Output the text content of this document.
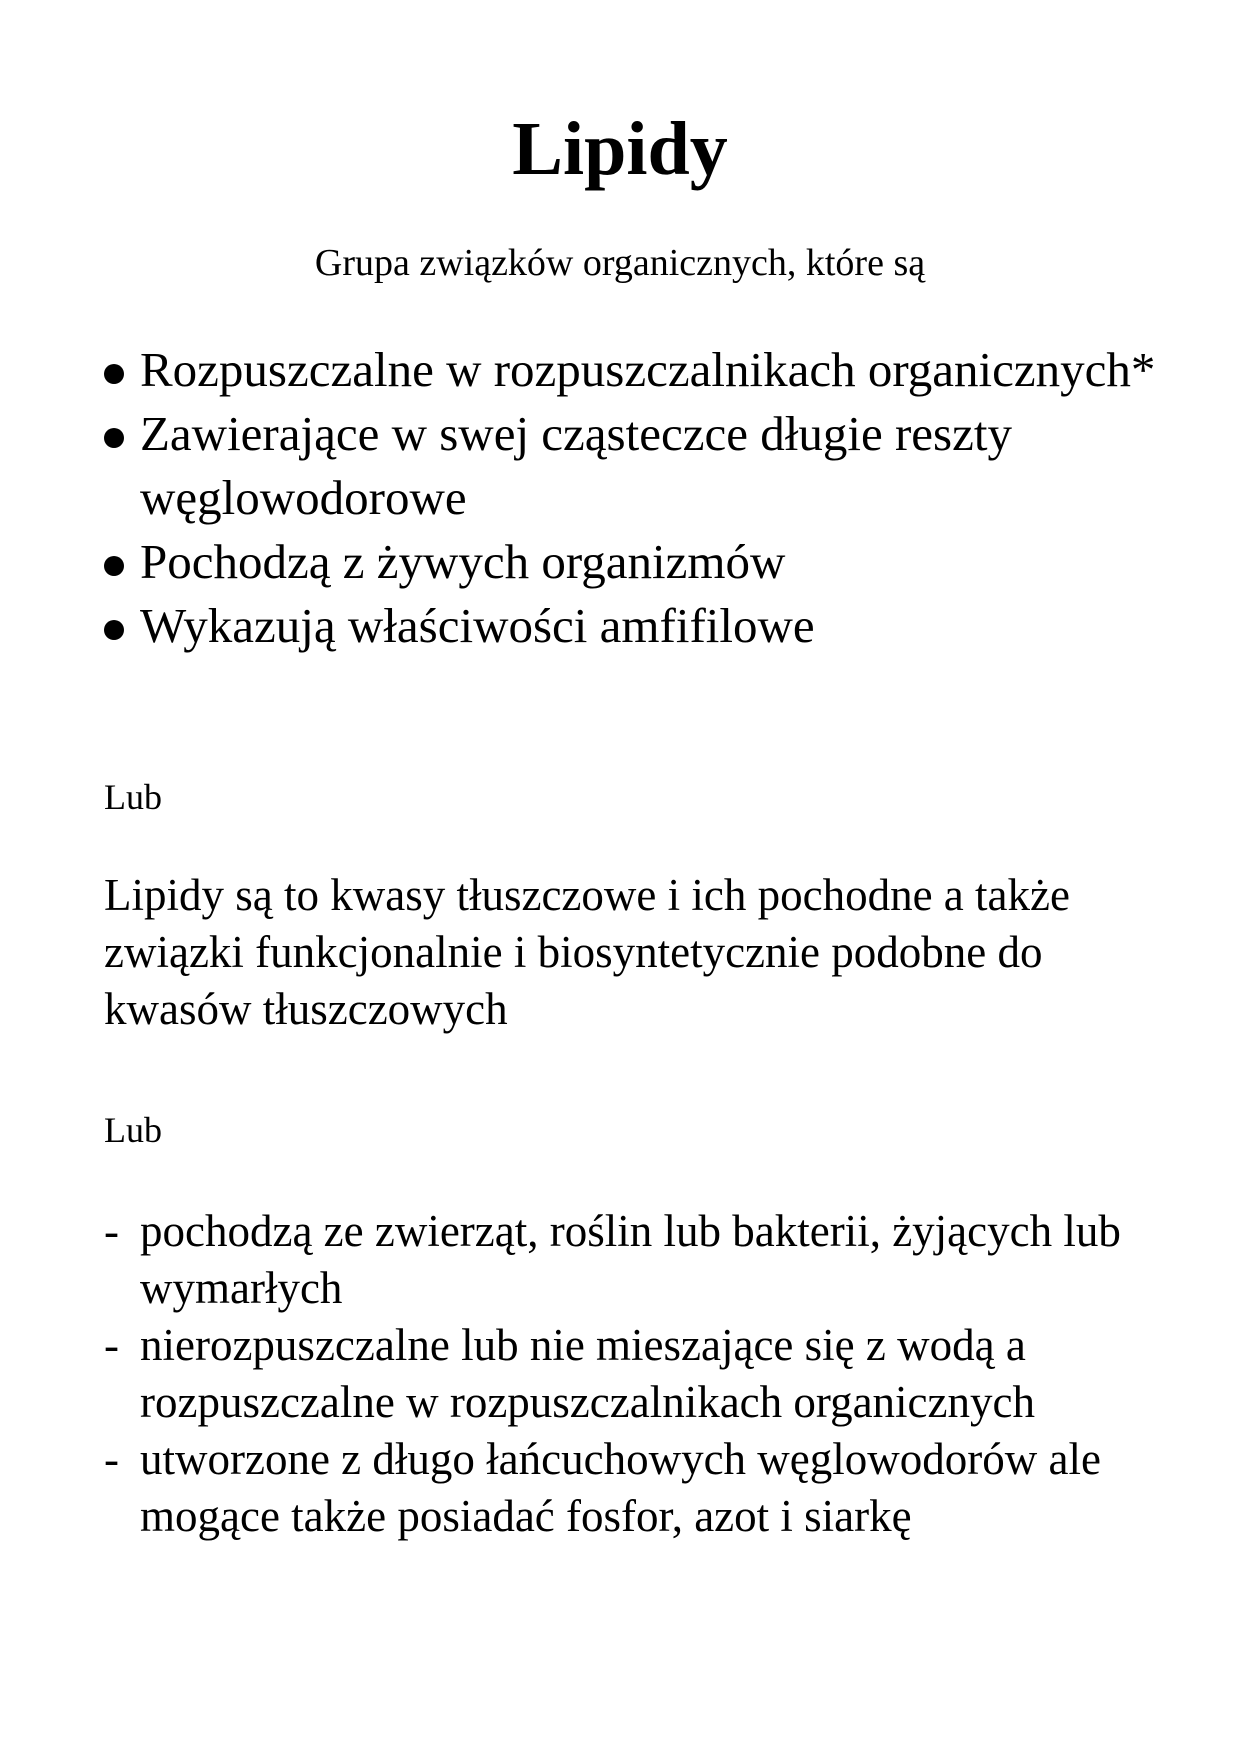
Lipidy

Grupa związków organicznych, które są

Rozpuszczalne w rozpuszczalnikach organicznych*
Zawierające w swej cząsteczce długie reszty węglowodorowe
Pochodzą z żywych organizmów
Wykazują właściwości amfifilowe

Lub

Lipidy są to kwasy tłuszczowe i ich pochodne a także związki funkcjonalnie i biosyntetycznie podobne do kwasów tłuszczowych

Lub

- pochodzą ze zwierząt, roślin lub bakterii, żyjących lub wymarłych
- nierozpuszczalne lub nie mieszające się z wodą a rozpuszczalne w rozpuszczalnikach organicznych
- utworzone z długo łańcuchowych węglowodorów ale mogące także posiadać fosfor, azot i siarkę
